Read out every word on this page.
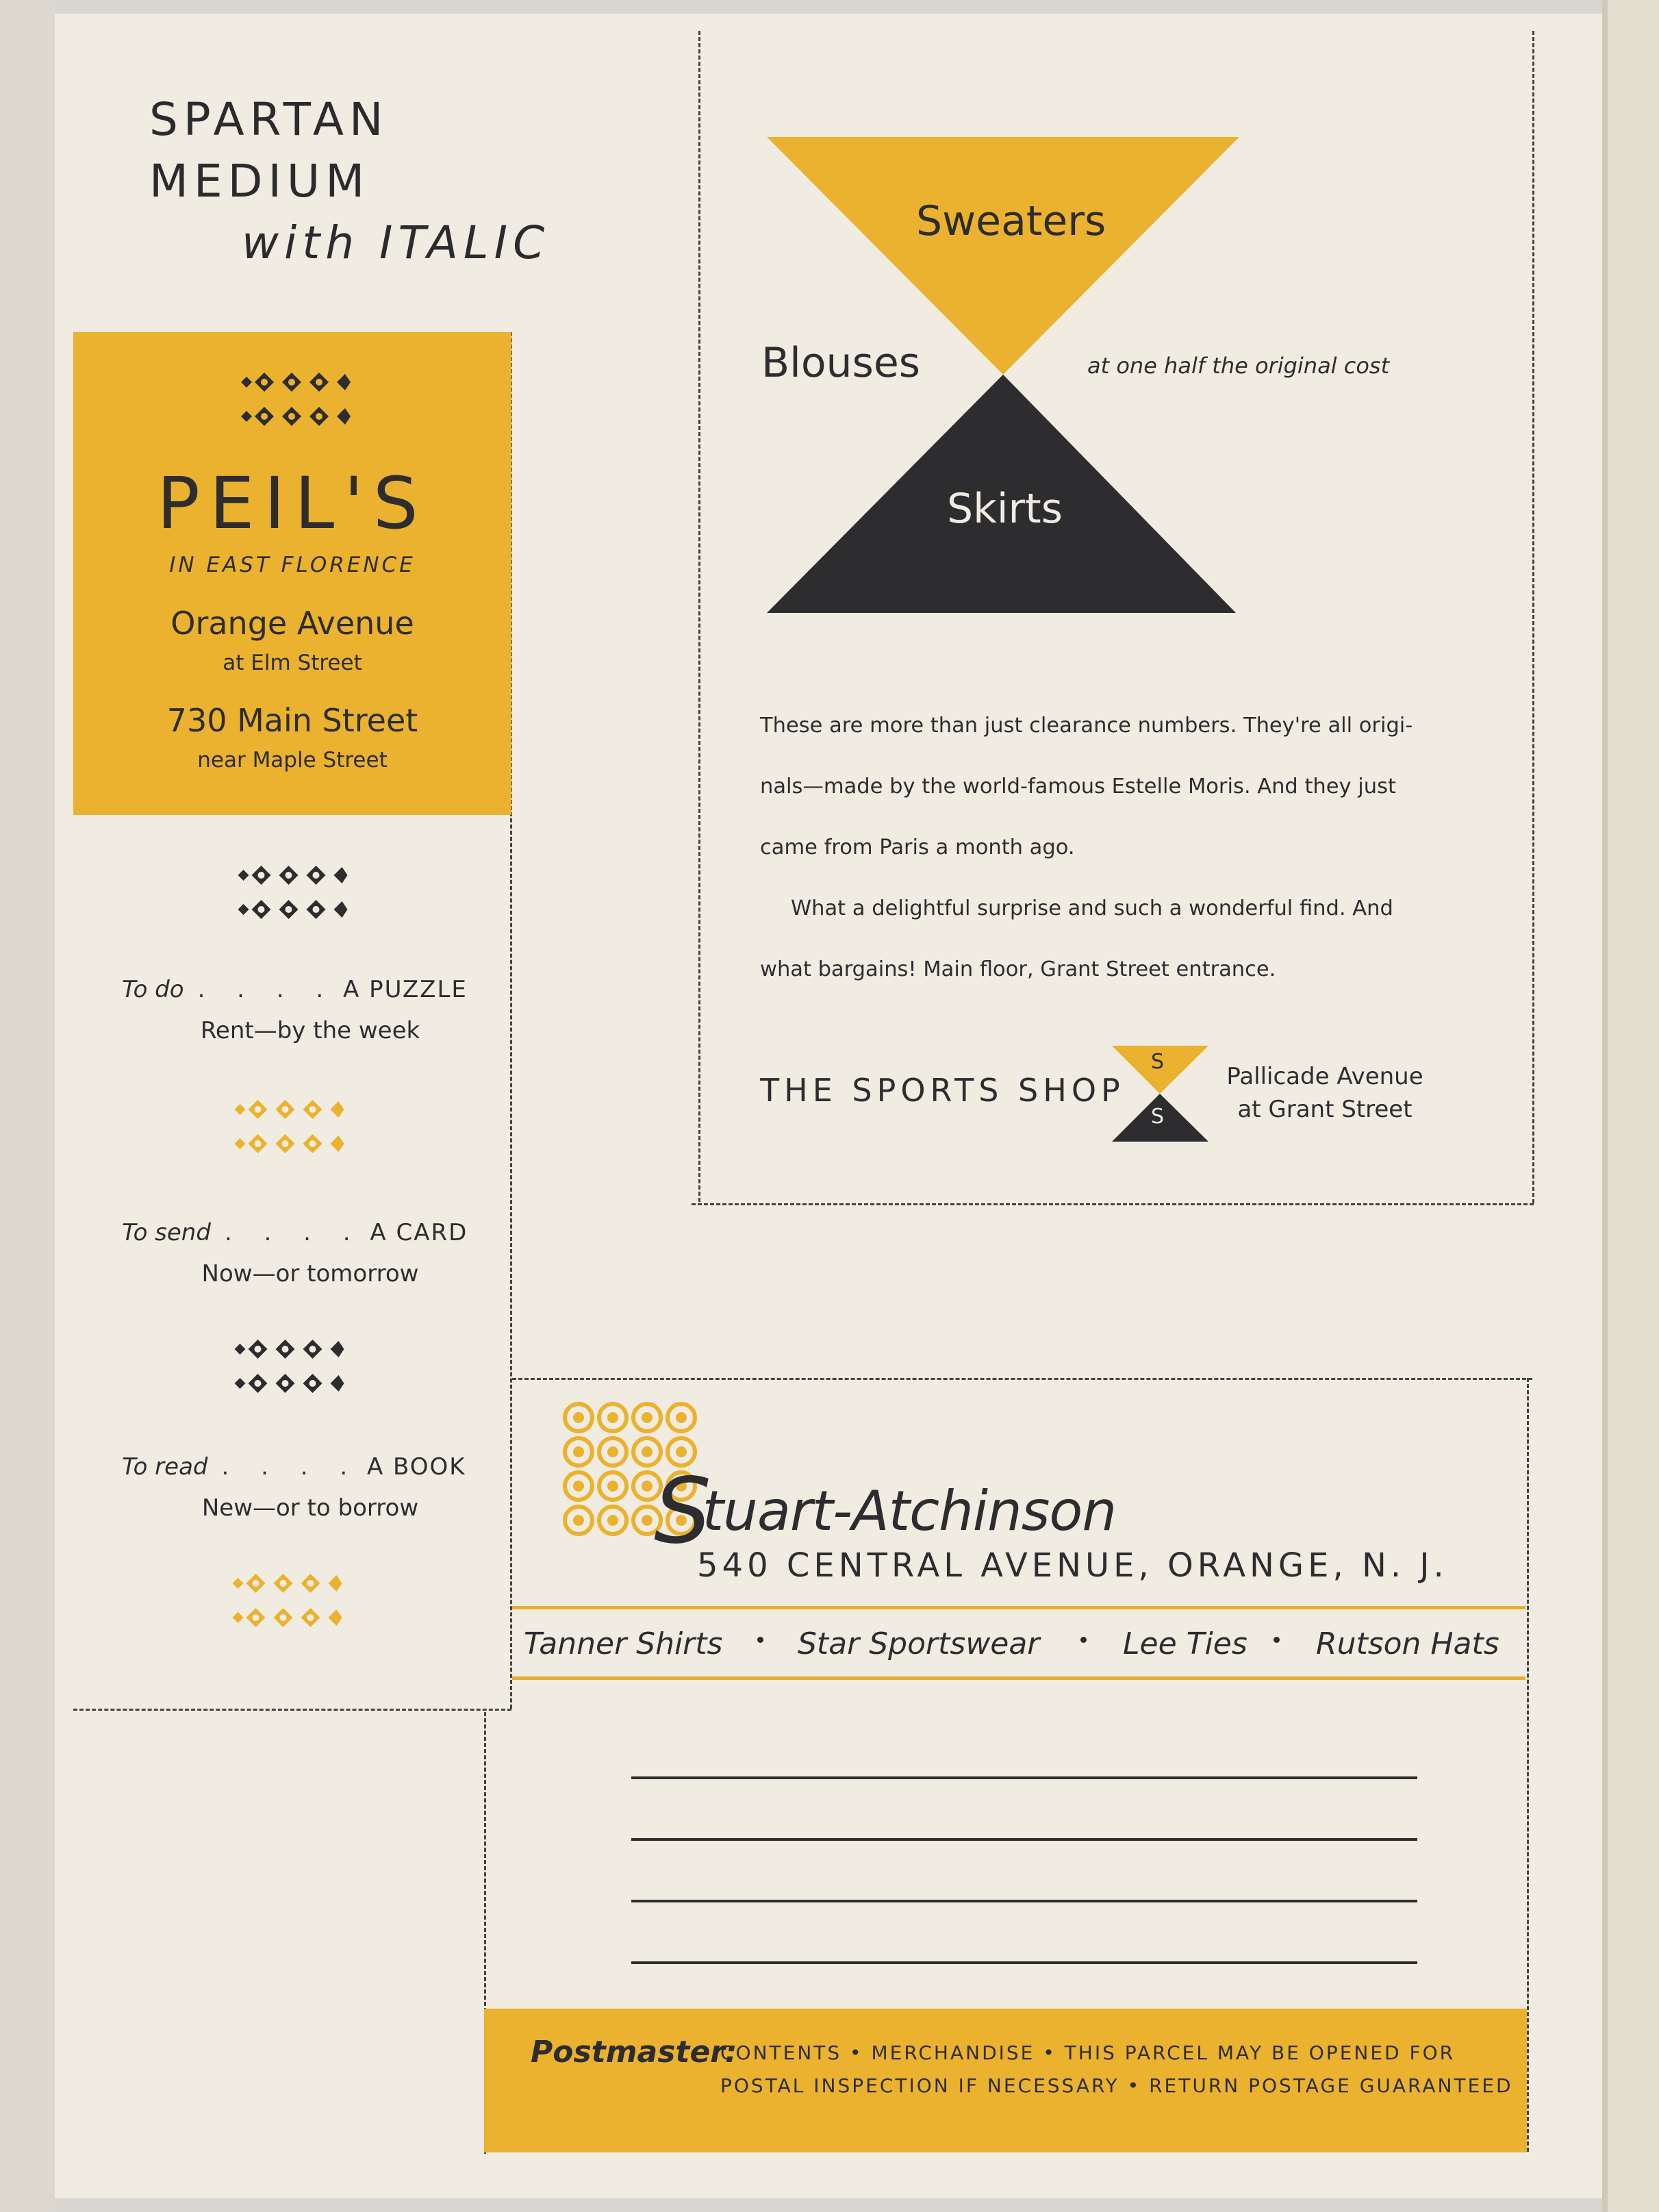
SPARTAN
MEDIUM
with ITALIC
PEIL'S
IN EAST FLORENCE
Orange Avenue
at Elm Street
730 Main Street
near Maple Street
To do . . . . A PUZZLE
Rent—by the week
To send . . . . A CARD
Now—or tomorrow
To read . . . . A BOOK
New—or to borrow
Sweaters
Blouses	at one half the original cost
Skirts
These are more than just clearance numbers. They're all origi-
nals—made by the world-famous Estelle Moris. And they just
came from Paris a month ago.
What a delightful surprise and such a wonderful find. And
what bargains! Main floor, Grant Street entrance.
THE SPORTS SHOP
S
S
Pallicade Avenue
at Grant Street
Stuart-Atchinson
540 CENTRAL AVENUE, ORANGE, N. J.
Tanner Shirts Star Sportswear	Lee Ties Rutson Hats
Postmaster:
CONTENTS • MERCHANDISE • THIS PARCEL MAY BE OPENED FOR
POSTAL INSPECTION IF NECESSARY • RETURN POSTAGE GUARANTEED
